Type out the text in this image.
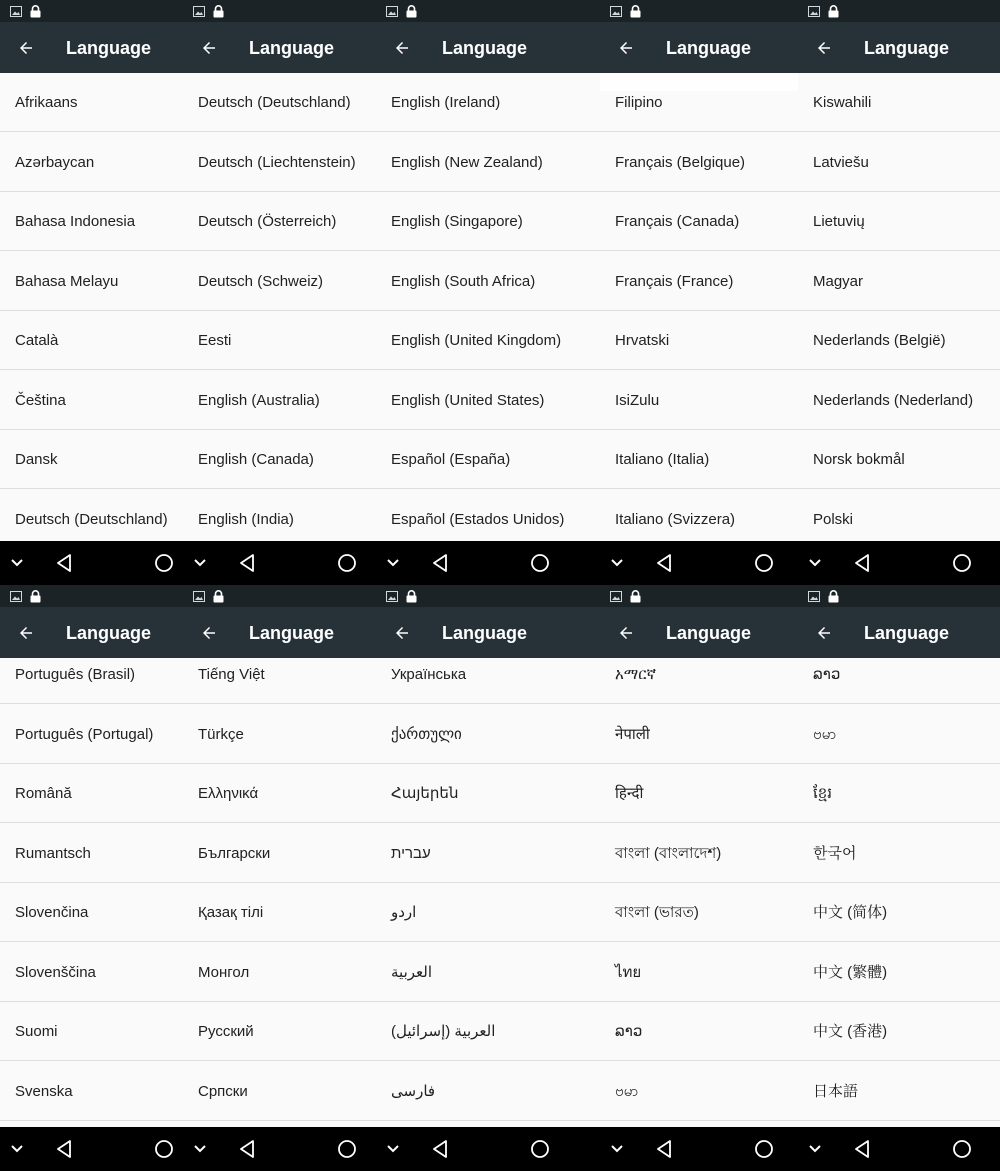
Afrikaans
Azərbaycan
Bahasa Indonesia
Bahasa Melayu
Català
Čeština
Dansk
Deutsch (Deutschland)
Language
Deutsch (Deutschland)
Deutsch (Liechtenstein)
Deutsch (Österreich)
Deutsch (Schweiz)
Eesti
English (Australia)
English (Canada)
English (India)
Language
English (Ireland)
English (New Zealand)
English (Singapore)
English (South Africa)
English (United Kingdom)
English (United States)
Español (España)
Español (Estados Unidos)
Language
Filipino
Français (Belgique)
Français (Canada)
Français (France)
Hrvatski
IsiZulu
Italiano (Italia)
Italiano (Svizzera)
Language
Kiswahili
Latviešu
Lietuvių
Magyar
Nederlands (België)
Nederlands (Nederland)
Norsk bokmål
Polski
Language
Português (Brasil)
Português (Portugal)
Română
Rumantsch
Slovenčina
Slovenščina
Suomi
Svenska
Language
Tiếng Việt
Türkçe
Ελληνικά
Български
Қазақ тілі
Монгол
Русский
Српски
Language
Українська
ქართული
Հայերեն
עברית
اردو
العربية
العربية (إسرائيل)
فارسی
Language
አማርኛ
नेपाली
हिन्दी
বাংলা (বাংলাদেশ)
বাংলা (ভারত)
ไทย
ລາວ
ဗမာ
Language
ລາວ
ဗမာ
ខ្មែរ
한국어
中文 (简体)
中文 (繁體)
中文 (香港)
日本語
Language
